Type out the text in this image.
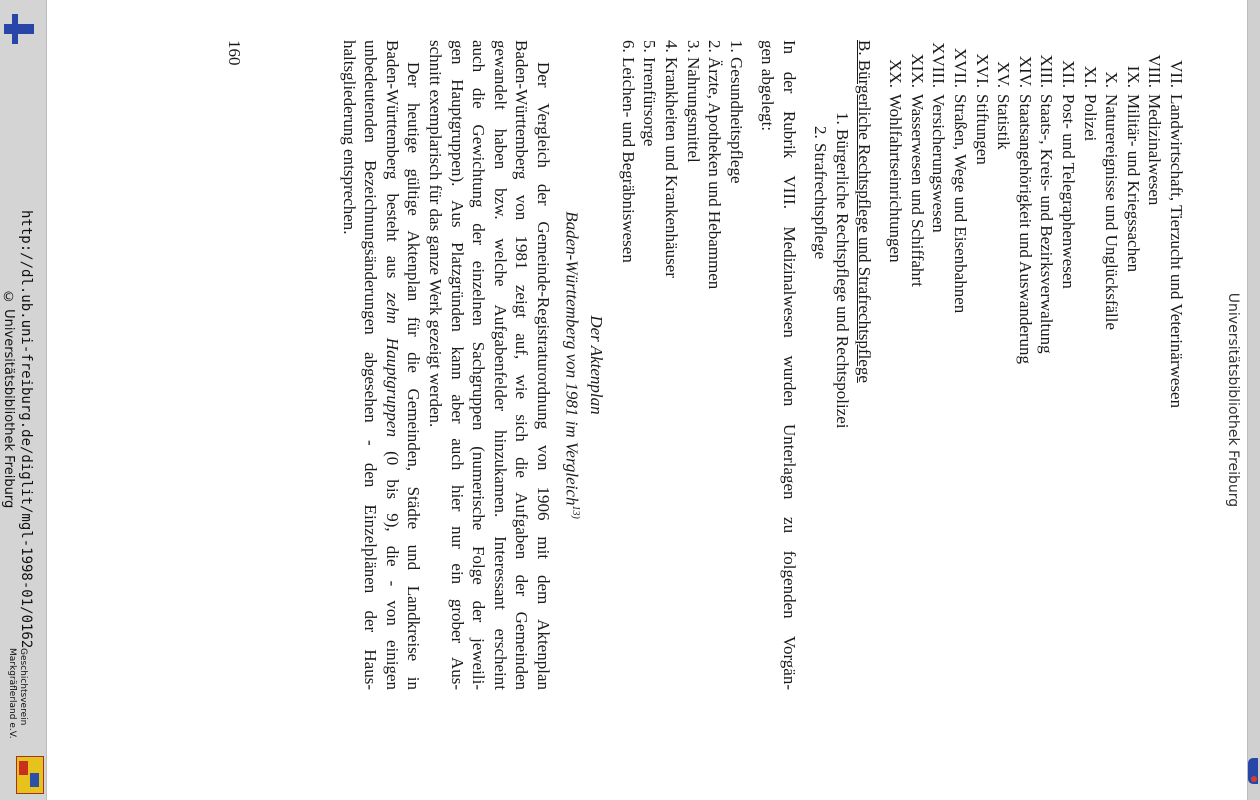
http://dl.ub.uni-freiburg.de/diglit/mgl-1998-01/0162
© Universitätsbibliothek Freiburg
Geschichtsverein
Markgräflerland e.V.
Universitätsbibliothek Freiburg
VII.Landwirtschaft, Tierzucht und Veterinärwesen
VIII.Medizinalwesen
IX.Militär- und Kriegssachen
X.Naturereignisse und Unglücksfälle
XI.Polizei
XII.Post- und Telegraphenwesen
XIII.Staats-, Kreis- und Bezirksverwaltung
XIV.Staatsangehörigkeit und Auswanderung
XV.Statistik
XVI.Stiftungen
XVII.Straßen, Wege und Eisenbahnen
XVIII.Versicherungswesen
XIX.Wasserwesen und Schiffahrt
XX.Wohlfahrtseinrichtungen
B. Bürgerliche Rechtspflege und Strafrechtspflege
1. Bürgerliche Rechtspflege und Rechtspolizei
2. Strafrechtspflege
In der Rubrik VIII. Medizinalwesen wurden Unterlagen zu folgenden Vorgän-
gen abgelegt:
1. Gesundheitspflege
2. Ärzte, Apotheken und Hebammen
3. Nahrungsmittel
4. Krankheiten und Krankenhäuser
5. Irrenfürsorge
6. Leichen- und Begräbniswesen
Der Aktenplan
Baden-Württemberg von 1981 im Vergleich$^{13)}$
Der Vergleich der Gemeinde-Registraturordnung von 1906 mit dem Aktenplan
Baden-Württemberg von 1981 zeigt auf, wie sich die Aufgaben der Gemeinden
gewandelt haben bzw. welche Aufgabenfelder hinzukamen. Interessant erscheint
auch die Gewichtung der einzelnen Sachgruppen (numerische Folge der jeweili-
gen Hauptgruppen). Aus Platzgründen kann aber auch hier nur ein grober Aus-
schnitt exemplarisch für das ganze Werk gezeigt werden.
Der heutige gültige Aktenplan für die Gemeinden, Städte und Landkreise in
Baden-Württemberg besteht aus zehn Hauptgruppen (0 bis 9), die - von einigen
unbedeutenden Bezeichnungsänderungen abgesehen - den Einzelplänen der Haus-
haltsgliederung entsprechen.
160
